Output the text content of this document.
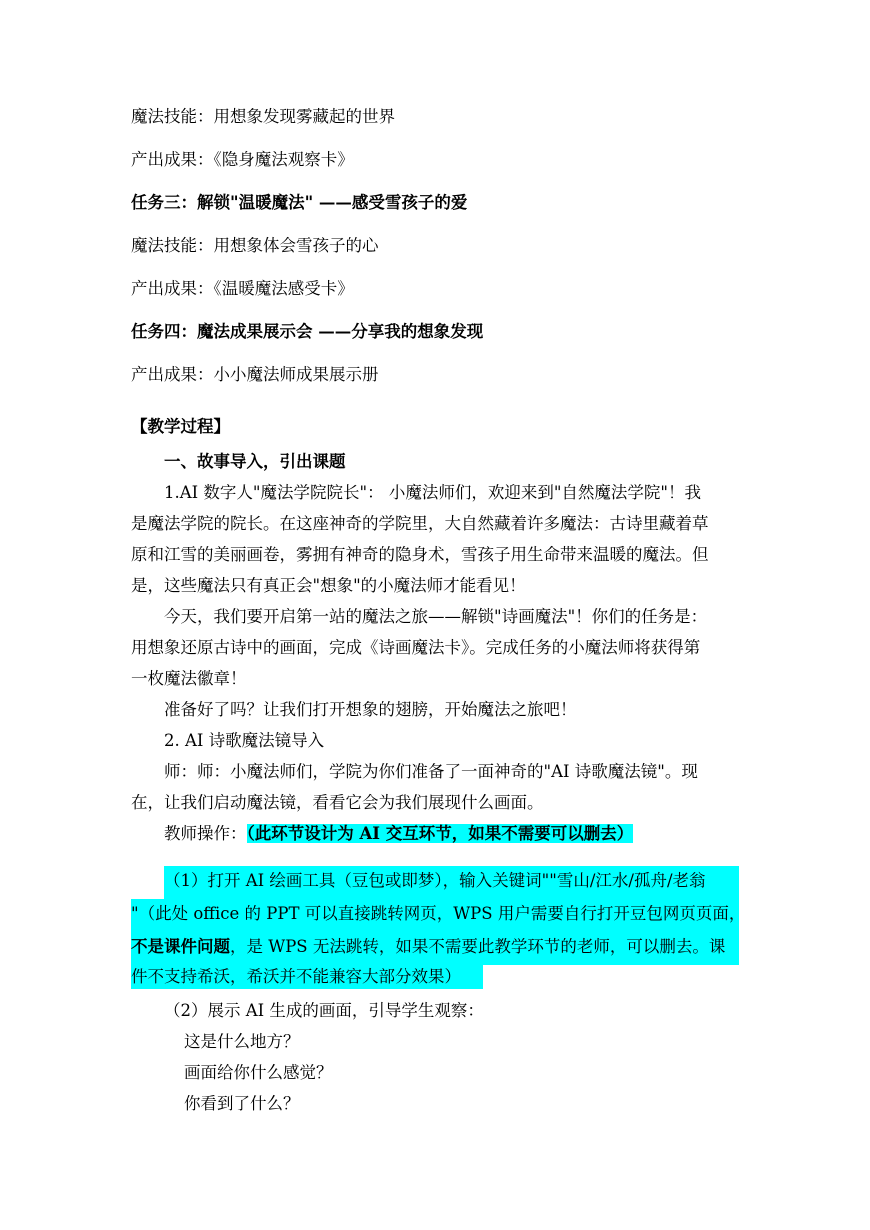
魔法技能：用想象发现雾藏起的世界
产出成果：《隐身魔法观察卡》
任务三：解锁"温暖魔法" ——感受雪孩子的爱
魔法技能：用想象体会雪孩子的心
产出成果：《温暖魔法感受卡》
任务四：魔法成果展示会 ——分享我的想象发现
产出成果：小小魔法师成果展示册
【教学过程】
一、故事导入，引出课题
1.AI 数字人"魔法学院院长"： 小魔法师们，欢迎来到"自然魔法学院"！我
是魔法学院的院长。在这座神奇的学院里，大自然藏着许多魔法：古诗里藏着草
原和江雪的美丽画卷，雾拥有神奇的隐身术，雪孩子用生命带来温暖的魔法。但
是，这些魔法只有真正会"想象"的小魔法师才能看见！
今天，我们要开启第一站的魔法之旅——解锁"诗画魔法"！你们的任务是：
用想象还原古诗中的画面，完成《诗画魔法卡》。完成任务的小魔法师将获得第
一枚魔法徽章！
准备好了吗？让我们打开想象的翅膀，开始魔法之旅吧！
2. AI 诗歌魔法镜导入
师：师：小魔法师们，学院为你们准备了一面神奇的"AI 诗歌魔法镜"。现
在，让我们启动魔法镜，看看它会为我们展现什么画面。
教师操作：（此环节设计为 AI 交互环节，如果不需要可以删去）
（1）打开 AI 绘画工具（豆包或即梦），输入关键词""雪山/江水/孤舟/老翁
"（此处 office 的 PPT 可以直接跳转网页，WPS 用户需要自行打开豆包网页页面，
不是课件问题，是 WPS 无法跳转，如果不需要此教学环节的老师，可以删去。课
件不支持希沃，希沃并不能兼容大部分效果）
（2）展示 AI 生成的画面，引导学生观察：
这是什么地方？
画面给你什么感觉？
你看到了什么？
